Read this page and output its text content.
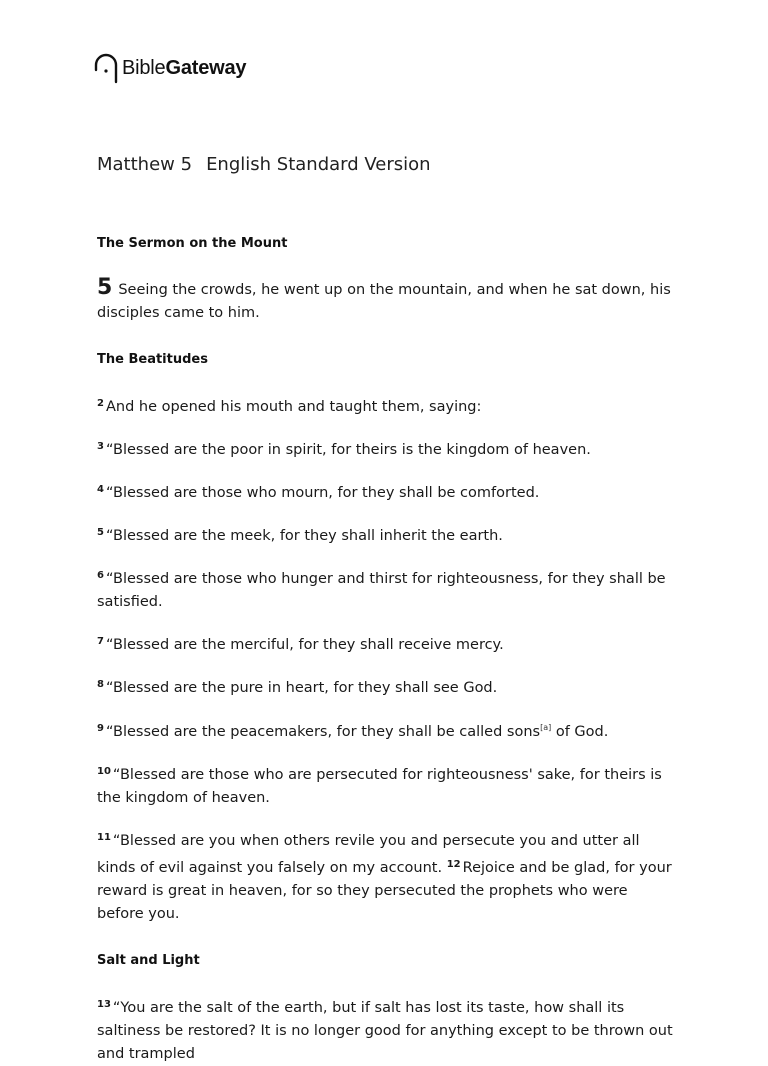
BibleGateway
Matthew 5 English Standard Version
The Sermon on the Mount

5 Seeing the crowds, he went up on the mountain, and when he sat down, his disciples came to him.

The Beatitudes

$^2$ And he opened his mouth and taught them, saying:

$^3$ “Blessed are the poor in spirit, for theirs is the kingdom of heaven.

$^4$ “Blessed are those who mourn, for they shall be comforted.

$^5$ “Blessed are the meek, for they shall inherit the earth.

$^6$ “Blessed are those who hunger and thirst for righteousness, for they shall be satisfied.

$^7$ “Blessed are the merciful, for they shall receive mercy.

$^8$ “Blessed are the pure in heart, for they shall see God.

$^9$ “Blessed are the peacemakers, for they shall be called sons[a] of God.

$^{10}$ “Blessed are those who are persecuted for righteousness' sake, for theirs is the kingdom of heaven.

$^{11}$ “Blessed are you when others revile you and persecute you and utter all kinds of evil against you falsely on my account. $^{12}$ Rejoice and be glad, for your reward is great in heaven, for so they persecuted the prophets who were before you.

Salt and Light

$^{13}$ “You are the salt of the earth, but if salt has lost its taste, how shall its saltiness be restored? It is no longer good for anything except to be thrown out and trampled
